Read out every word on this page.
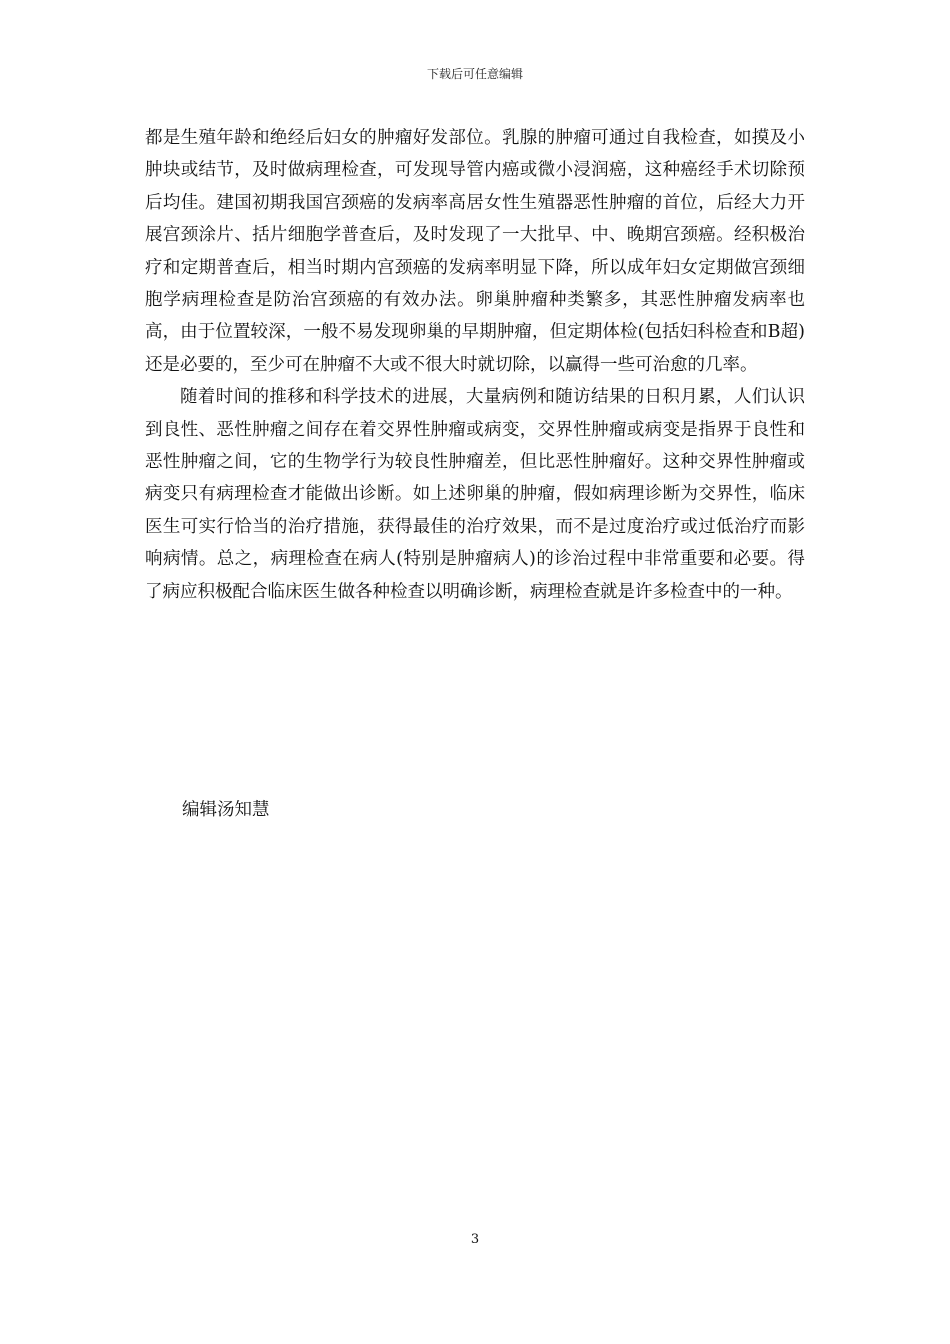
下载后可任意编辑

都是生殖年龄和绝经后妇女的肿瘤好发部位。乳腺的肿瘤可通过自我检查，如摸及小肿块或结节，及时做病理检查，可发现导管内癌或微小浸润癌，这种癌经手术切除预后均佳。建国初期我国宫颈癌的发病率高居女性生殖器恶性肿瘤的首位，后经大力开展宫颈涂片、括片细胞学普查后，及时发现了一大批早、中、晚期宫颈癌。经积极治疗和定期普查后，相当时期内宫颈癌的发病率明显下降，所以成年妇女定期做宫颈细胞学病理检查是防治宫颈癌的有效办法。卵巢肿瘤种类繁多，其恶性肿瘤发病率也高，由于位置较深，一般不易发现卵巢的早期肿瘤，但定期体检(包括妇科检查和B超)还是必要的，至少可在肿瘤不大或不很大时就切除，以赢得一些可治愈的几率。

随着时间的推移和科学技术的进展，大量病例和随访结果的日积月累，人们认识到良性、恶性肿瘤之间存在着交界性肿瘤或病变，交界性肿瘤或病变是指界于良性和恶性肿瘤之间，它的生物学行为较良性肿瘤差，但比恶性肿瘤好。这种交界性肿瘤或病变只有病理检查才能做出诊断。如上述卵巢的肿瘤，假如病理诊断为交界性，临床医生可实行恰当的治疗措施，获得最佳的治疗效果，而不是过度治疗或过低治疗而影响病情。总之，病理检查在病人(特别是肿瘤病人)的诊治过程中非常重要和必要。得了病应积极配合临床医生做各种检查以明确诊断，病理检查就是许多检查中的一种。

编辑汤知慧
3
